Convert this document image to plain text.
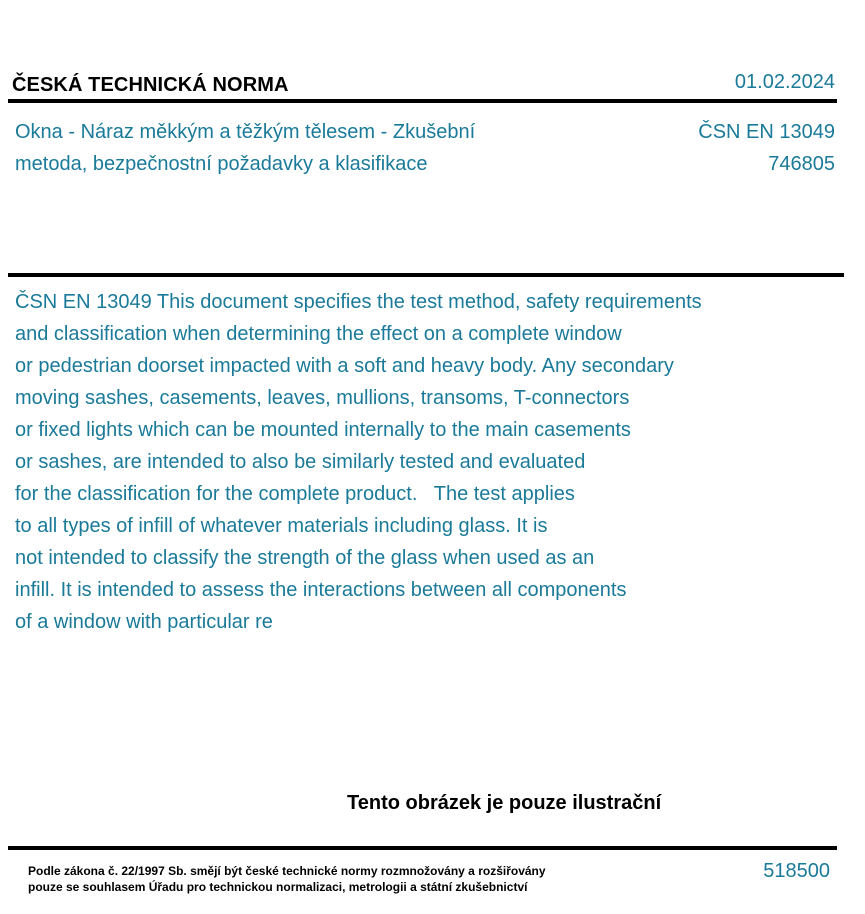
ČESKÁ TECHNICKÁ NORMA	01.02.2024
Okna - Náraz měkkým a těžkým tělesem - Zkušební
metoda, bezpečnostní požadavky a klasifikace
ČSN EN 13049
746805
ČSN EN 13049 This document specifies the test method, safety requirements
and classification when determining the effect on a complete window
or pedestrian doorset impacted with a soft and heavy body. Any secondary
moving sashes, casements, leaves, mullions, transoms, T-connectors
or fixed lights which can be mounted internally to the main casements
or sashes, are intended to also be similarly tested and evaluated
for the classification for the complete product.   The test applies
to all types of infill of whatever materials including glass. It is
not intended to classify the strength of the glass when used as an
infill. It is intended to assess the interactions between all components
of a window with particular re
Tento obrázek je pouze ilustrační
Podle zákona č. 22/1997 Sb. smějí být české technické normy rozmnožovány a rozšiřovány
pouze se souhlasem Úřadu pro technickou normalizaci, metrologii a státní zkušebnictví
518500
